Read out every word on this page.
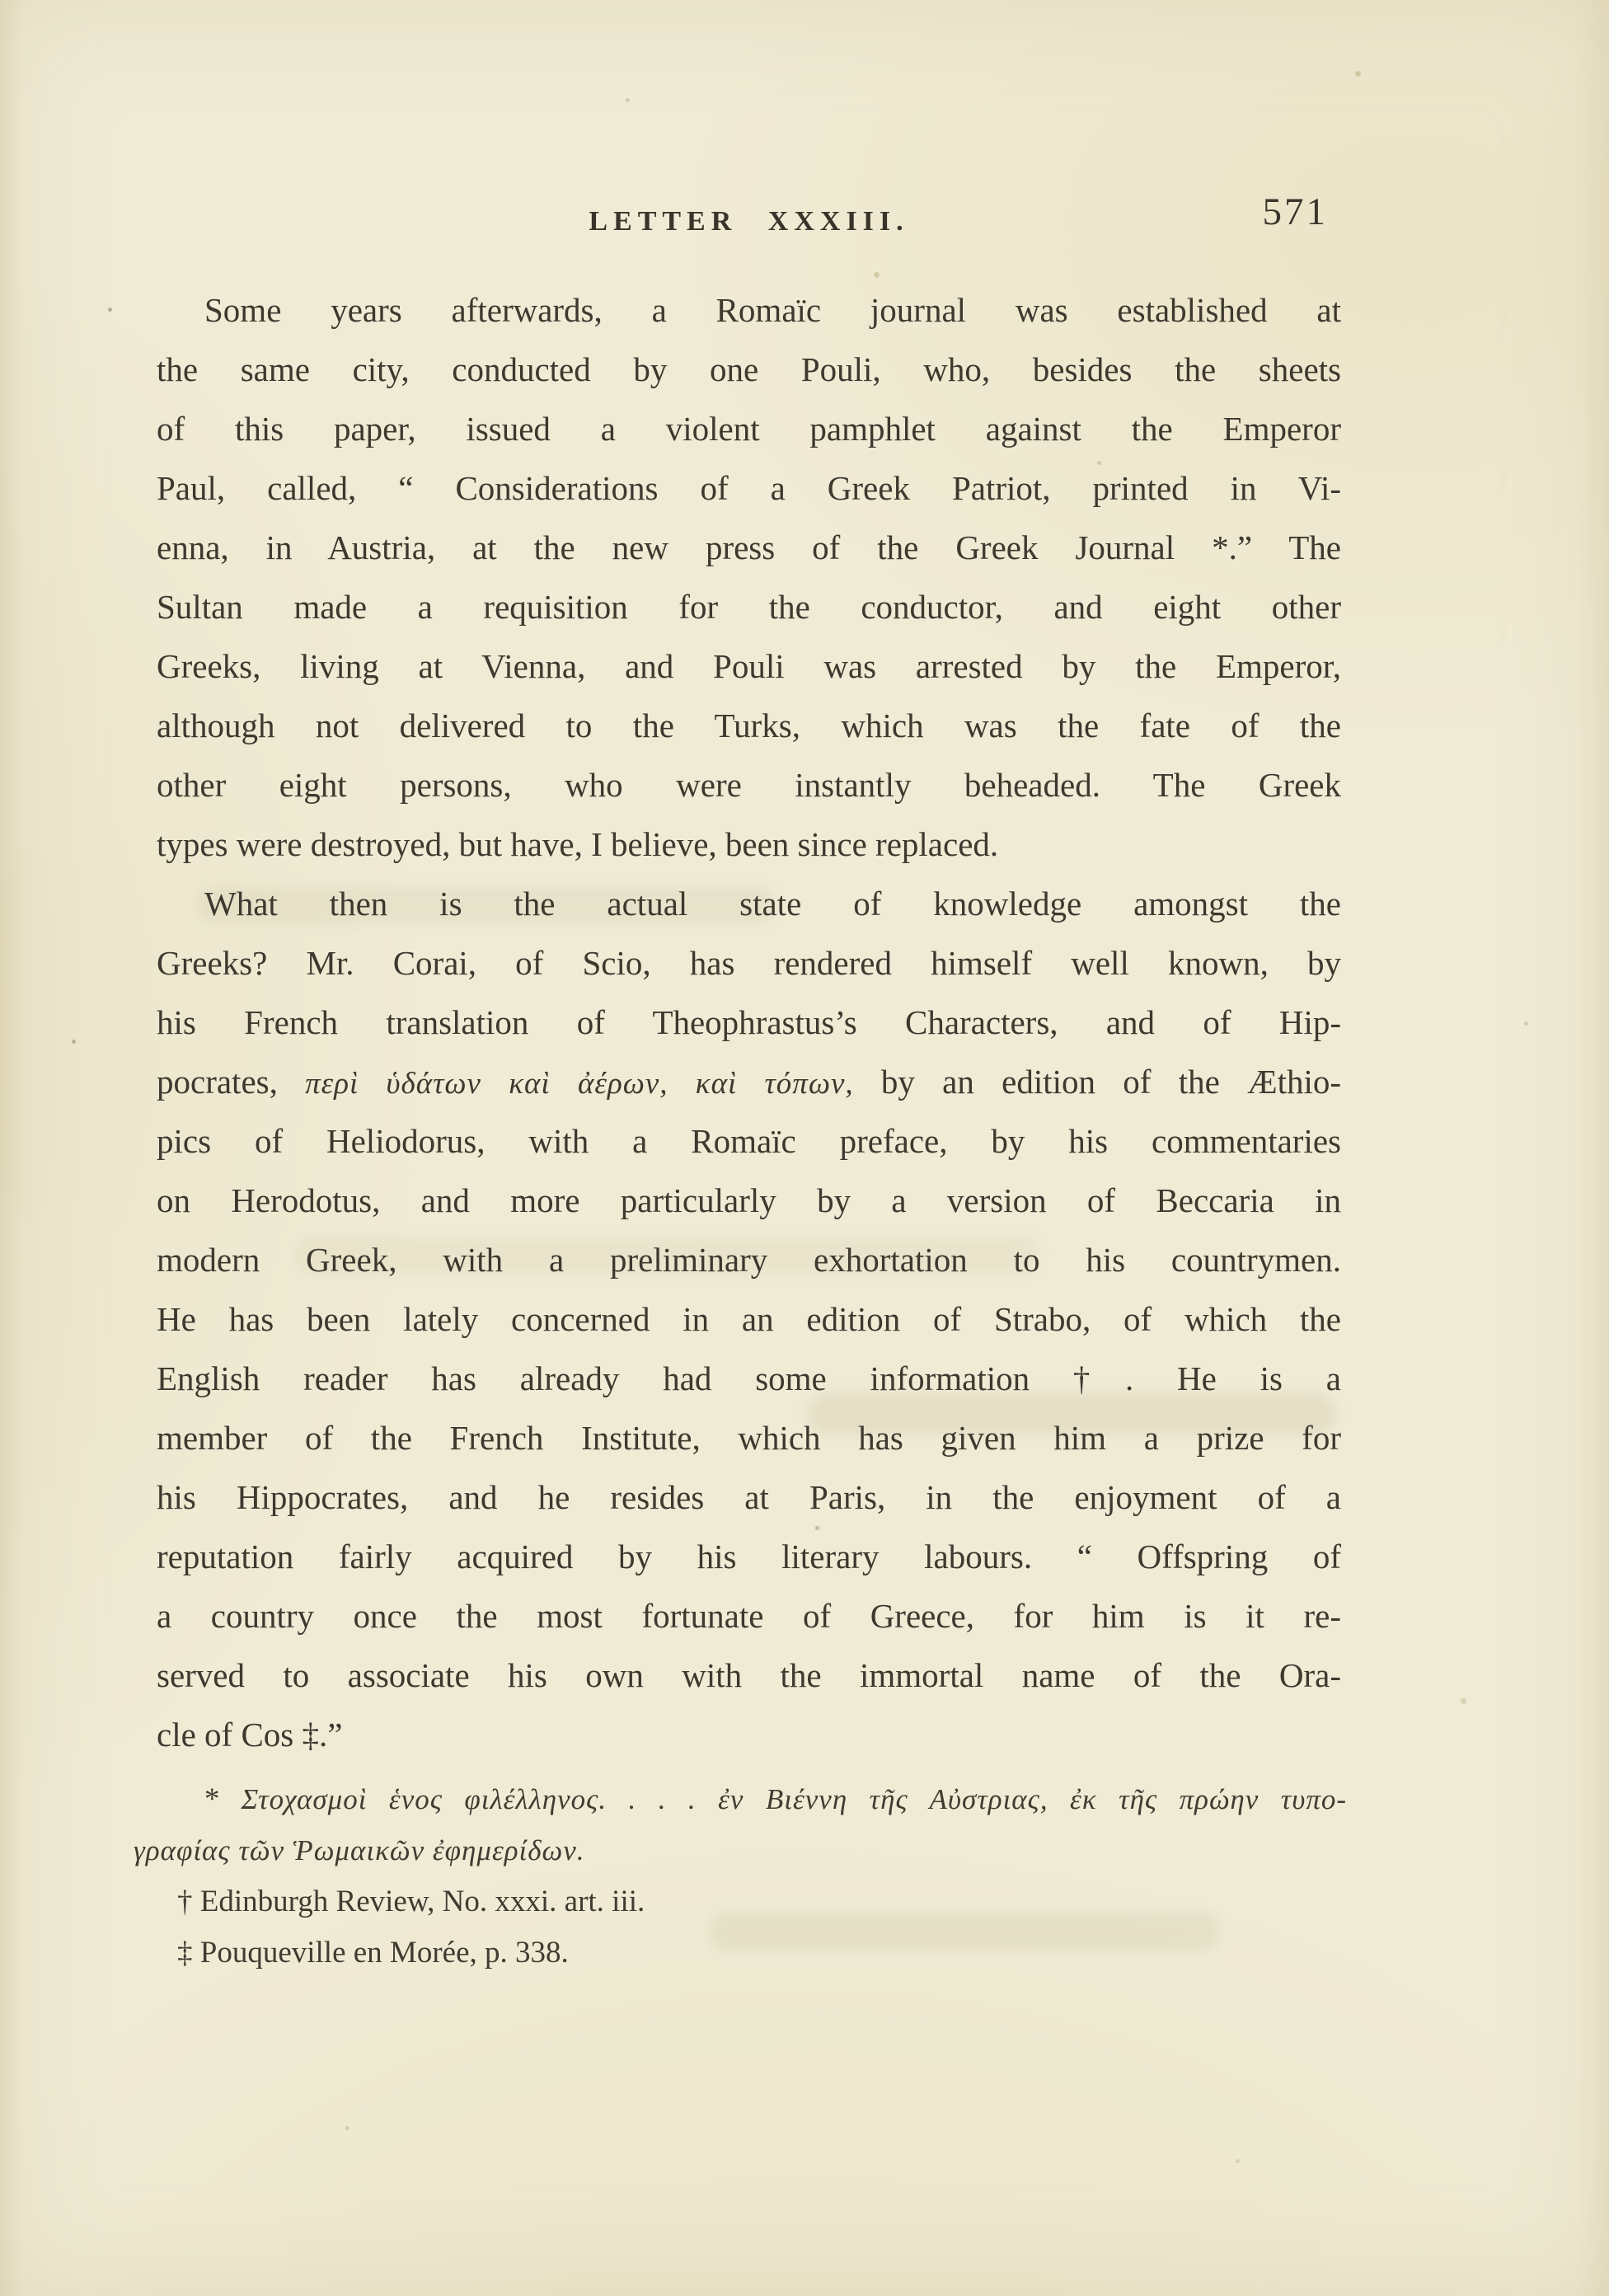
LETTER XXXIII.	571
Some years afterwards, a Romaïc journal was established at
the same city, conducted by one Pouli, who, besides the sheets
of this paper, issued a violent pamphlet against the Emperor
Paul, called, “ Considerations of a Greek Patriot, printed in Vi-
enna, in Austria, at the new press of the Greek Journal *.” The
Sultan made a requisition for the conductor, and eight other
Greeks, living at Vienna, and Pouli was arrested by the Emperor,
although not delivered to the Turks, which was the fate of the
other eight persons, who were instantly beheaded. The Greek
types were destroyed, but have, I believe, been since replaced.
What then is the actual state of knowledge amongst the
Greeks? Mr. Corai, of Scio, has rendered himself well known, by
his French translation of Theophrastus’s Characters, and of Hip-
pocrates, περὶ ὑδάτων καὶ ἀέρων, καὶ τόπων, by an edition of the Æthio-
pics of Heliodorus, with a Romaïc preface, by his commentaries
on Herodotus, and more particularly by a version of Beccaria in
modern Greek, with a preliminary exhortation to his countrymen.
He has been lately concerned in an edition of Strabo, of which the
English reader has already had some information †. He is a
member of the French Institute, which has given him a prize for
his Hippocrates, and he resides at Paris, in the enjoyment of a
reputation fairly acquired by his literary labours. “ Offspring of
a country once the most fortunate of Greece, for him is it re-
served to associate his own with the immortal name of the Ora-
cle of Cos ‡.”
* Στοχασμοὶ ἑνος φιλέλληνος. . . . ἐν Βιέννη τῆς Αὐστριας, ἐκ τῆς πρώην τυπο-
γραφίας τῶν Ῥωμαικῶν ἐφημερίδων.
† Edinburgh Review, No. xxxi. art. iii.
‡ Pouqueville en Morée, p. 338.
